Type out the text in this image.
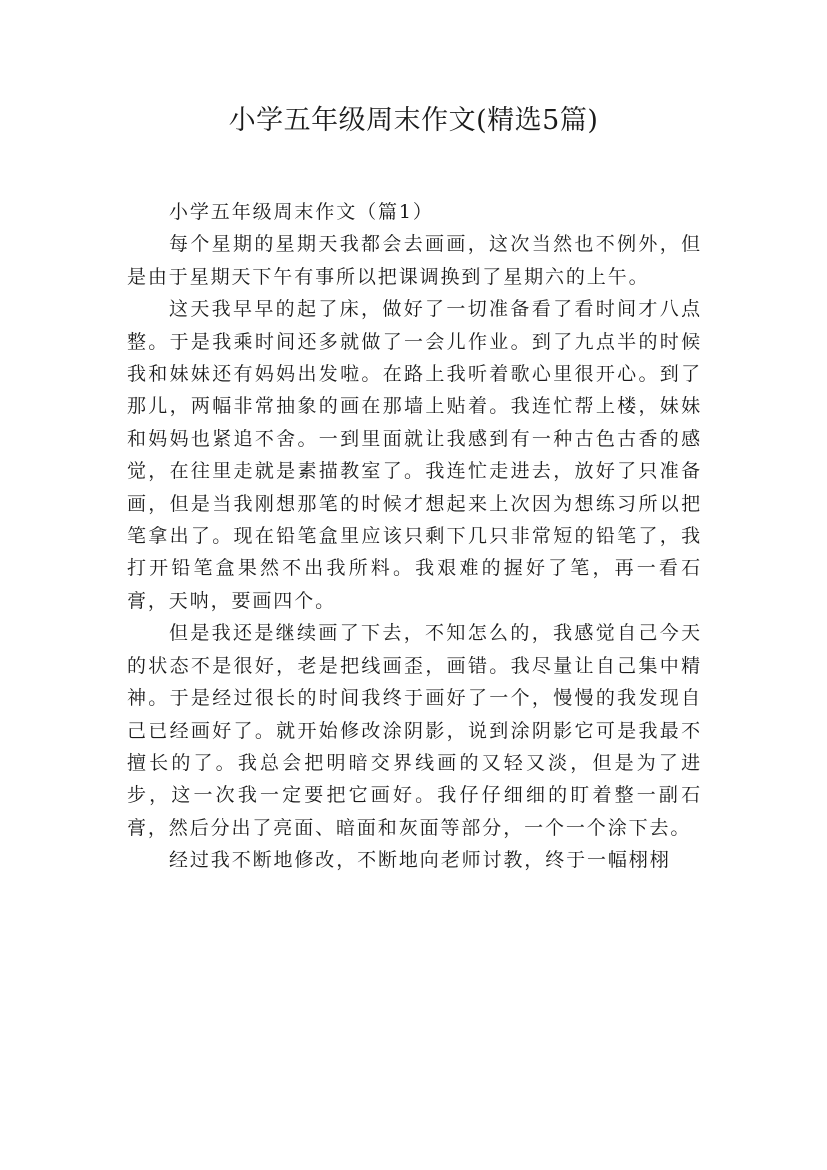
小学五年级周末作文(精选5篇)

小学五年级周末作文（篇1）

每个星期的星期天我都会去画画，这次当然也不例外，但是由于星期天下午有事所以把课调换到了星期六的上午。

这天我早早的起了床，做好了一切准备看了看时间才八点整。于是我乘时间还多就做了一会儿作业。到了九点半的时候我和妹妹还有妈妈出发啦。在路上我听着歌心里很开心。到了那儿，两幅非常抽象的画在那墙上贴着。我连忙帮上楼，妹妹和妈妈也紧追不舍。一到里面就让我感到有一种古色古香的感觉，在往里走就是素描教室了。我连忙走进去，放好了只准备画，但是当我刚想那笔的时候才想起来上次因为想练习所以把笔拿出了。现在铅笔盒里应该只剩下几只非常短的铅笔了，我打开铅笔盒果然不出我所料。我艰难的握好了笔，再一看石膏，天呐，要画四个。

但是我还是继续画了下去，不知怎么的，我感觉自己今天的状态不是很好，老是把线画歪，画错。我尽量让自己集中精神。于是经过很长的时间我终于画好了一个，慢慢的我发现自己已经画好了。就开始修改涂阴影，说到涂阴影它可是我最不擅长的了。我总会把明暗交界线画的又轻又淡，但是为了进步，这一次我一定要把它画好。我仔仔细细的盯着整一副石膏，然后分出了亮面、暗面和灰面等部分，一个一个涂下去。

经过我不断地修改，不断地向老师讨教，终于一幅栩栩
